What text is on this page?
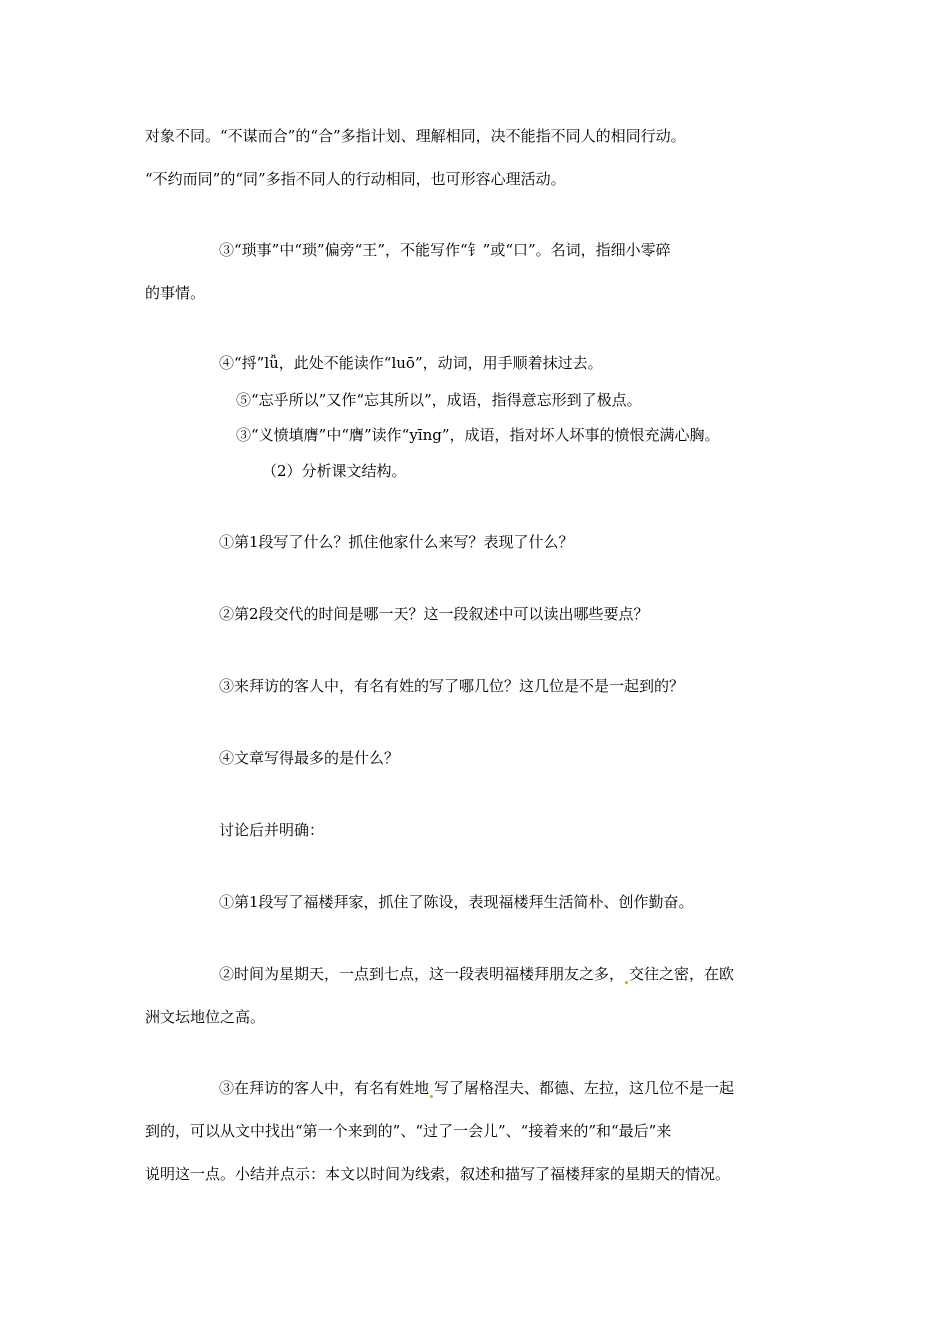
对象不同。“不谋而合”的“合”多指计划、理解相同，决不能指不同人的相同行动。
“不约而同”的“同”多指不同人的行动相同，也可形容心理活动。
③“琐事”中“琐”偏旁“王”，不能写作“钅”或“口”。名词，指细小零碎
的事情。
④“捋”lǚ，此处不能读作“luō”，动词，用手顺着抹过去。
⑤“忘乎所以”又作“忘其所以”，成语，指得意忘形到了极点。
③“义愤填膺”中“膺”读作“yīng”，成语，指对坏人坏事的愤恨充满心胸。
（2）分析课文结构。
①第1段写了什么？抓住他家什么来写？表现了什么？
②第2段交代的时间是哪一天？这一段叙述中可以读出哪些要点？
③来拜访的客人中，有名有姓的写了哪几位？这几位是不是一起到的？
④文章写得最多的是什么？
讨论后并明确：
①第1段写了福楼拜家，抓住了陈设，表现福楼拜生活简朴、创作勤奋。
②时间为星期天，一点到七点，这一段表明福楼拜朋友之多， 交往之密，在欧
洲文坛地位之高。
③在拜访的客人中，有名有姓地 写了屠格涅夫、都德、左拉，这几位不是一起
到的，可以从文中找出“第一个来到的”、“过了一会儿”、“接着来的”和“最后”来
说明这一点。小结并点示：本文以时间为线索，叙述和描写了福楼拜家的星期天的情况。
